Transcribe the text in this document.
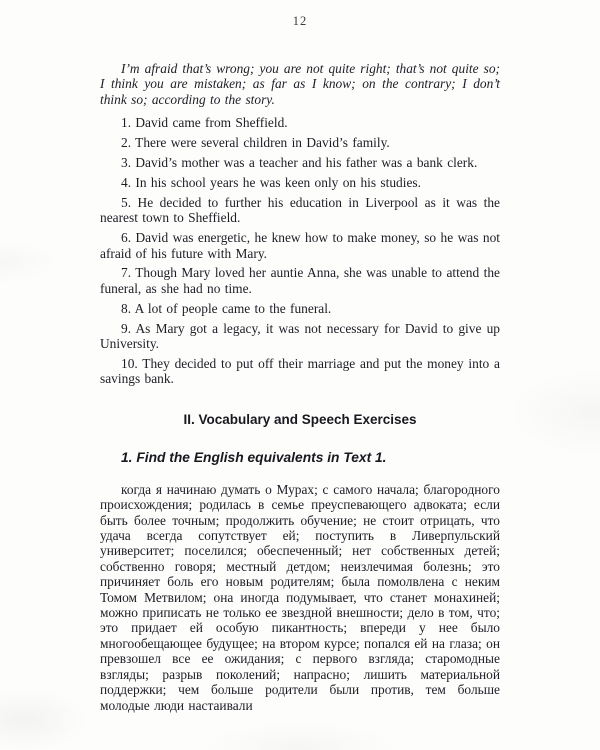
12

I’m afraid that’s wrong; you are not quite right; that’s not quite so; I think you are mistaken; as far as I know; on the contrary; I don’t think so; according to the story.

1. David came from Sheffield.

2. There were several children in David’s family.

3. David’s mother was a teacher and his father was a bank clerk.

4. In his school years he was keen only on his studies.

5. He decided to further his education in Liverpool as it was the nearest town to Sheffield.

6. David was energetic, he knew how to make money, so he was not afraid of his future with Mary.

7. Though Mary loved her auntie Anna, she was unable to attend the funeral, as she had no time.

8. A lot of people came to the funeral.

9. As Mary got a legacy, it was not necessary for David to give up University.

10. They decided to put off their marriage and put the money into a savings bank.

II. Vocabulary and Speech Exercises
1. Find the English equivalents in Text 1.

когда я начинаю думать о Мурах; с самого начала; благородного происхождения; родилась в семье преуспевающего адвоката; если быть более точным; продолжить обучение; не стоит отрицать, что удача всегда сопутствует ей; поступить в Ливерпульский университет; поселился; обеспеченный; нет собственных детей; собственно говоря; местный детдом; неизлечимая болезнь; это причиняет боль его новым родителям; была помолвлена с неким Томом Метвилом; она иногда подумывает, что станет монахиней; можно приписать не только ее звездной внешности; дело в том, что; это придает ей особую пикантность; впереди у нее было многообещающее будущее; на втором курсе; попался ей на глаза; он превзошел все ее ожидания; с первого взгляда; старомодные взгляды; разрыв поколений; напрасно; лишить материальной поддержки; чем больше родители были против, тем больше молодые люди настаивали
